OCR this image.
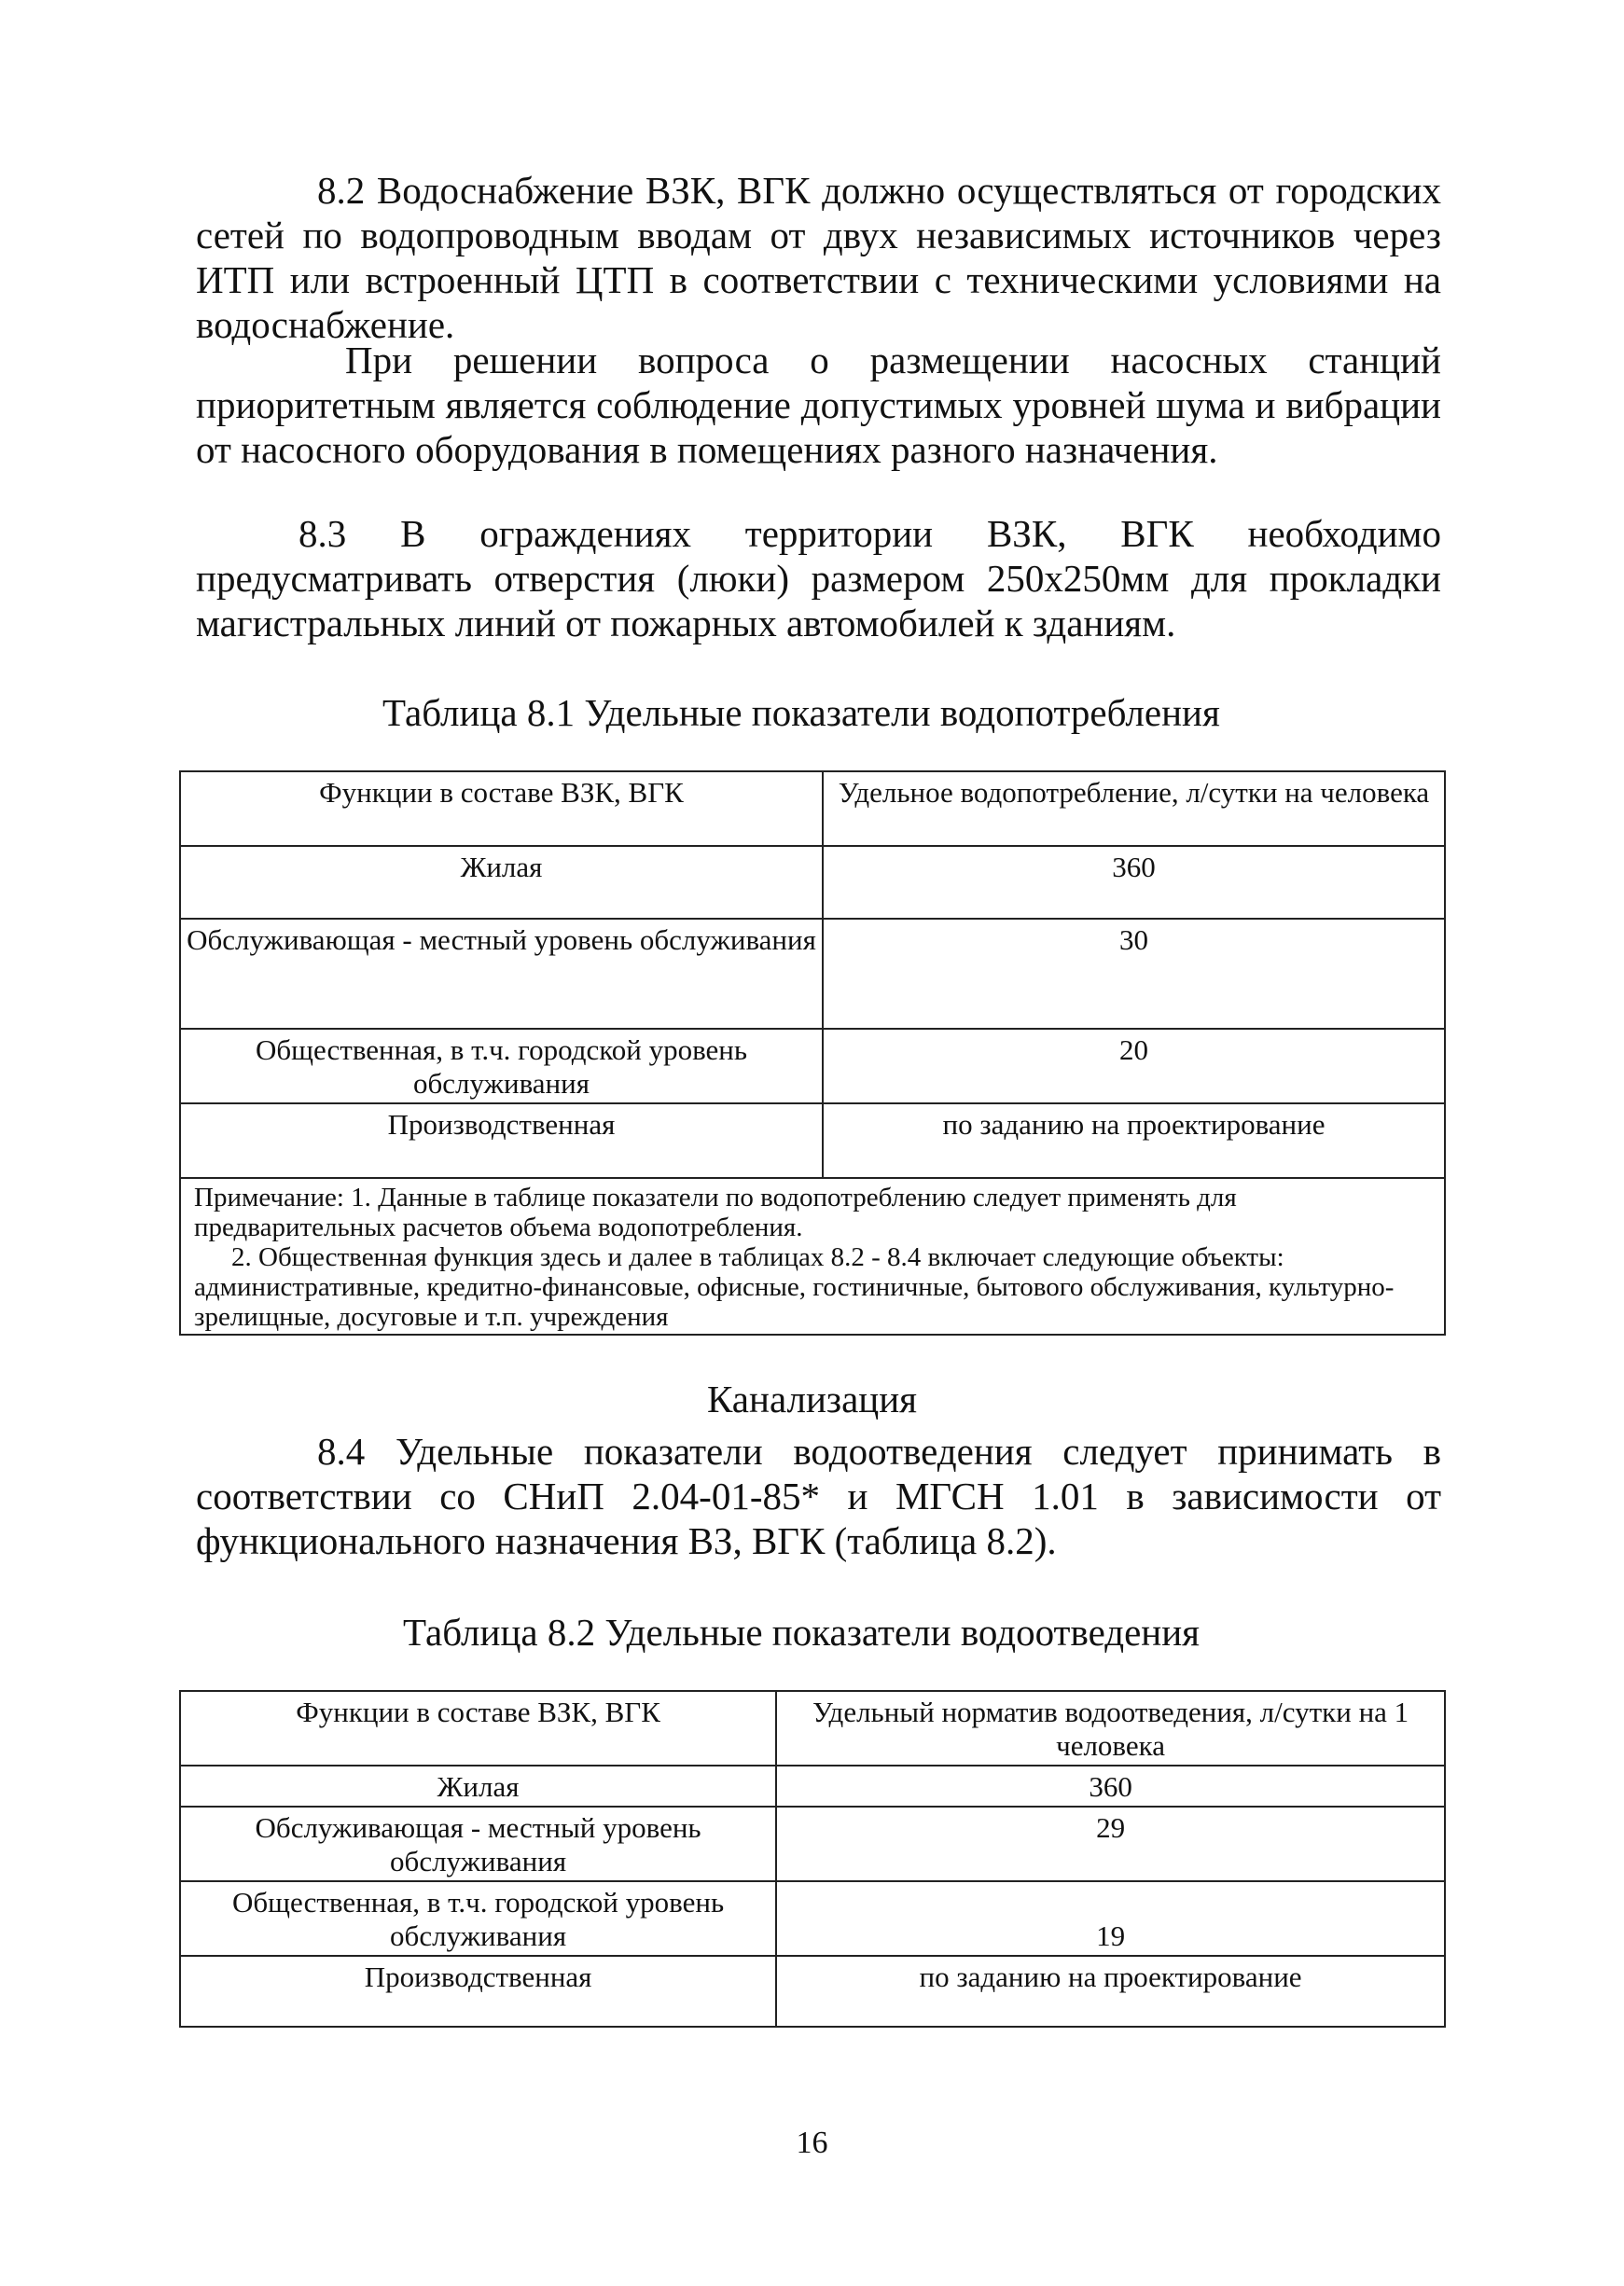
8.2 Водоснабжение ВЗК, ВГК должно осуществляться от городских сетей по водопроводным вводам от двух независимых источников через ИТП или встроенный ЦТП в соответствии с техническими условиями на водоснабжение.

При решении вопроса о размещении насосных станций приоритетным является соблюдение допустимых уровней шума и вибрации от насосного оборудования в помещениях разного назначения.

8.3 В ограждениях территории ВЗК, ВГК необходимо предусматривать отверстия (люки) размером 250х250мм для прокладки магистральных линий от пожарных автомобилей к зданиям.

Таблица 8.1 Удельные показатели водопотребления

Функции в составе ВЗК, ВГК	Удельное водопотребление, л/сутки на человека
Жилая	360
Обслуживающая - местный уровень обслуживания	30
Общественная, в т.ч. городской уровень обслуживания	20
Производственная	по заданию на проектирование
Примечание: 1. Данные в таблице показатели по водопотреблению следует применять для предварительных расчетов объема водопотребления.
2. Общественная функция здесь и далее в таблицах 8.2 - 8.4 включает следующие объекты: административные, кредитно-финансовые, офисные, гостиничные, бытового обслуживания, культурно-зрелищные, досуговые и т.п. учреждения	

Канализация

8.4 Удельные показатели водоотведения следует принимать в соответствии со СНиП 2.04-01-85* и МГСН 1.01 в зависимости от функционального назначения ВЗ, ВГК (таблица 8.2).

Таблица 8.2 Удельные показатели водоотведения

Функции в составе ВЗК, ВГК	Удельный норматив водоотведения, л/сутки на 1 человека
Жилая	360
Обслуживающая - местный уровень обслуживания	29
Общественная, в т.ч. городской уровень обслуживания	19
Производственная	по заданию на проектирование
16
